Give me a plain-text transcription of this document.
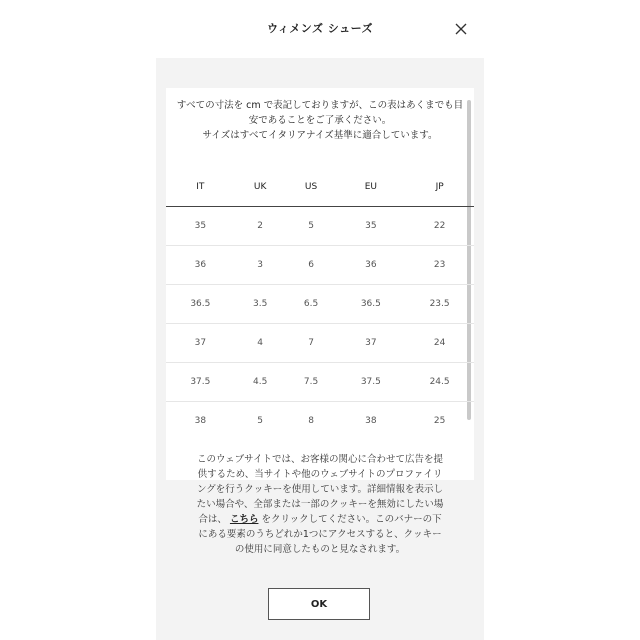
ウィメンズ シューズ
すべての寸法を cm で表記しておりますが、この表はあくまでも目
安であることをご了承ください。
サイズはすべてイタリアナイズ基準に適合しています。
IT	UK	US	EU	JP
35	2	5	35	22
36	3	6	36	23
36.5	3.5	6.5	36.5	23.5
37	4	7	37	24
37.5	4.5	7.5	37.5	24.5
38	5	8	38	25
このウェブサイトでは、お客様の関心に合わせて広告を提供するため、当サイトや他のウェブサイトのプロファイリングを行うクッキーを使用しています。詳細情報を表示したい場合や、全部または一部のクッキーを無効にしたい場合は、 こちら をクリックしてください。このバナーの下にある要素のうちどれか1つにアクセスすると、クッキーの使用に同意したものと見なされます。
OK
